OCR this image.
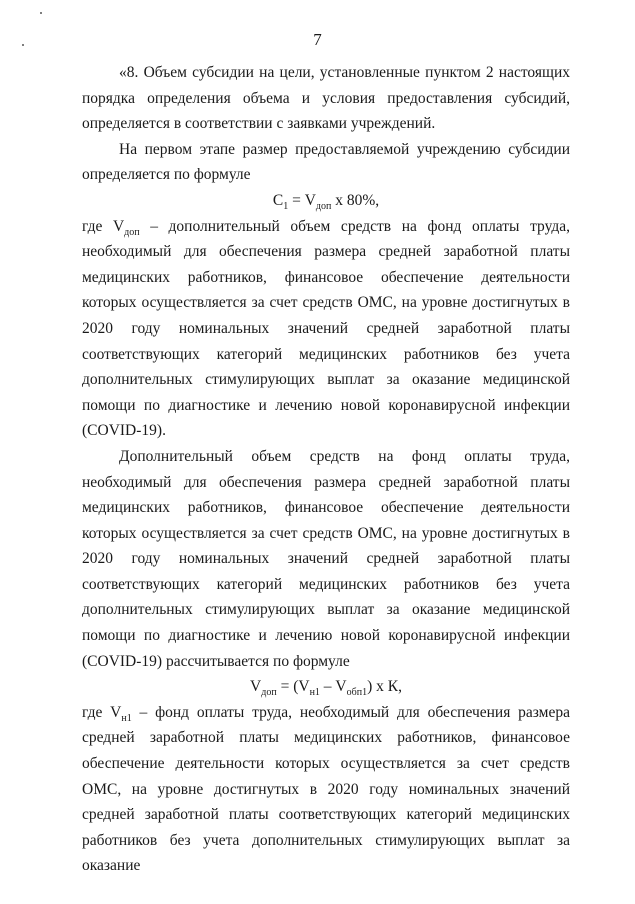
7

«8. Объем субсидии на цели, установленные пунктом 2 настоящих порядка определения объема и условия предоставления субсидий, определяется в соответствии с заявками учреждений.

На первом этапе размер предоставляемой учреждению субсидии определяется по формуле

$С_1 = V_{доп}$ х 80%,

где $V_{доп}$ – дополнительный объем средств на фонд оплаты труда, необходимый для обеспечения размера средней заработной платы медицинских работников, финансовое обеспечение деятельности которых осуществляется за счет средств ОМС, на уровне достигнутых в 2020 году номинальных значений средней заработной платы соответствующих категорий медицинских работников без учета дополнительных стимулирующих выплат за оказание медицинской помощи по диагностике и лечению новой коронавирусной инфекции (COVID-19).

Дополнительный объем средств на фонд оплаты труда, необходимый для обеспечения размера средней заработной платы медицинских работников, финансовое обеспечение деятельности которых осуществляется за счет средств ОМС, на уровне достигнутых в 2020 году номинальных значений средней заработной платы соответствующих категорий медицинских работников без учета дополнительных стимулирующих выплат за оказание медицинской помощи по диагностике и лечению новой коронавирусной инфекции (COVID-19) рассчитывается по формуле

$V_{доп} = (V_{н1} - V_{обп1})$ х К,

где $V_{н1}$ – фонд оплаты труда, необходимый для обеспечения размера средней заработной платы медицинских работников, финансовое обеспечение деятельности которых осуществляется за счет средств ОМС, на уровне достигнутых в 2020 году номинальных значений средней заработной платы соответствующих категорий медицинских работников без учета дополнительных стимулирующих выплат за оказание
